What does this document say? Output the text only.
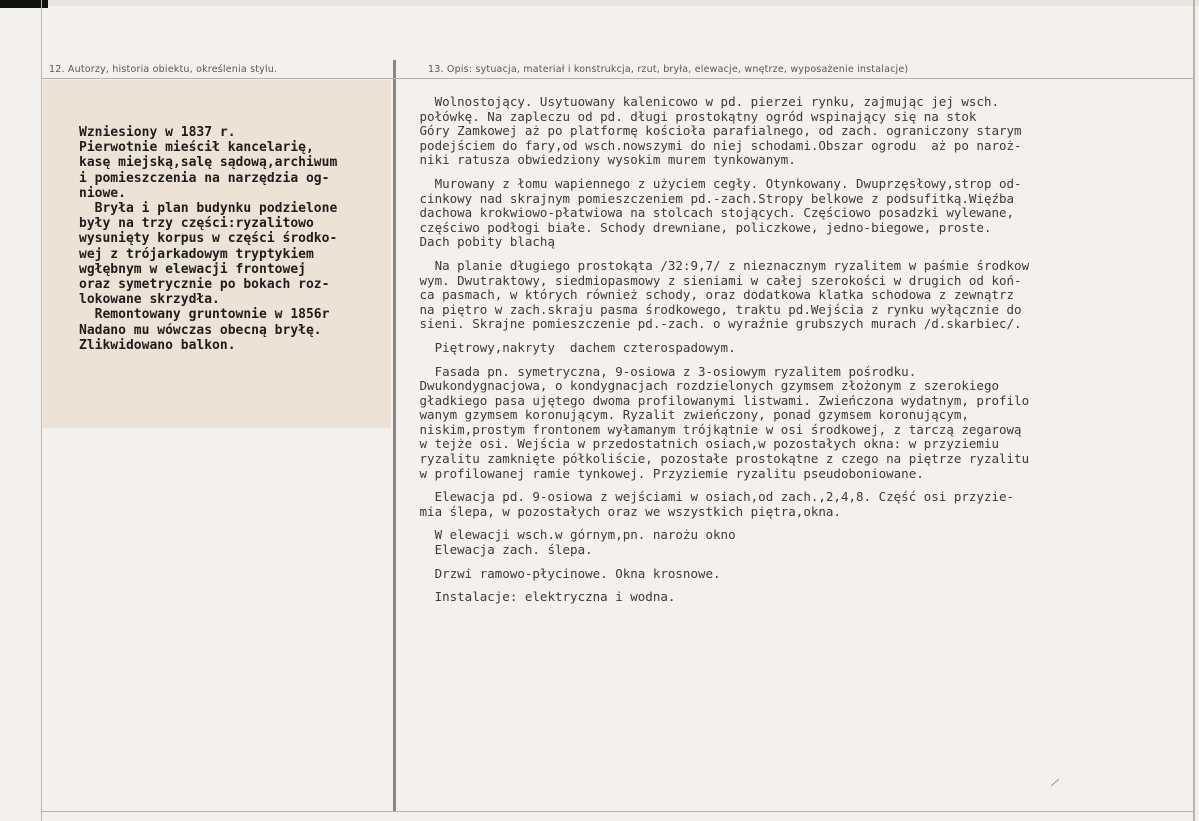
12. Autorzy, historia obiektu, określenia stylu.	13. Opis: sytuacja, materiał i konstrukcja, rzut, bryła, elewacje, wnętrze, wyposażenie instalacje)
Wzniesiony w 1837 r.
Pierwotnie mieścił kancelarię,
kasę miejską,salę sądową,archiwum
i pomieszczenia na narzędzia og-
niowe.
Bryła i plan budynku podzielone
były na trzy części:ryzalitowo
wysunięty korpus w części środko-
wej z trójarkadowym tryptykiem
wgłębnym w elewacji frontowej
oraz symetrycznie po bokach roz-
lokowane skrzydła.
Remontowany gruntownie w 1856r
Nadano mu wówczas obecną bryłę.
Zlikwidowano balkon.
Wolnostojący. Usytuowany kalenicowo w pd. pierzei rynku, zajmując jej wsch.
połówkę. Na zapleczu od pd. długi prostokątny ogród wspinający się na stok
Góry Zamkowej aż po platformę kościoła parafialnego, od zach. ograniczony starym
podejściem do fary,od wsch.nowszymi do niej schodami.Obszar ogrodu  aż po naroż-
niki ratusza obwiedziony wysokim murem tynkowanym.
Murowany z łomu wapiennego z użyciem cegły. Otynkowany. Dwuprzęsłowy,strop od-
cinkowy nad skrajnym pomieszczeniem pd.-zach.Stropy belkowe z podsufitką.Więźba
dachowa krokwiowo-płatwiowa na stolcach stojących. Częściowo posadzki wylewane,
częściwo podłogi białe. Schody drewniane, policzkowe, jedno-biegowe, proste.
Dach pobity blachą
Na planie długiego prostokąta /32:9,7/ z nieznacznym ryzalitem w paśmie środkow
wym. Dwutraktowy, siedmiopasmowy z sieniami w całej szerokości w drugich od koń-
ca pasmach, w których również schody, oraz dodatkowa klatka schodowa z zewnątrz
na piętro w zach.skraju pasma środkowego, traktu pd.Wejścia z rynku wyłącznie do
sieni. Skrajne pomieszczenie pd.-zach. o wyraźnie grubszych murach /d.skarbiec/.
Piętrowy,nakryty  dachem czterospadowym.
Fasada pn. symetryczna, 9-osiowa z 3-osiowym ryzalitem pośrodku.
Dwukondygnacjowa, o kondygnacjach rozdzielonych gzymsem złożonym z szerokiego
gładkiego pasa ujętego dwoma profilowanymi listwami. Zwieńczona wydatnym, profilo
wanym gzymsem koronującym. Ryzalit zwieńczony, ponad gzymsem koronującym,
niskim,prostym frontonem wyłamanym trójkątnie w osi środkowej, z tarczą zegarową
w tejże osi. Wejścia w przedostatnich osiach,w pozostałych okna: w przyziemiu
ryzalitu zamknięte półkoliście, pozostałe prostokątne z czego na piętrze ryzalitu
w profilowanej ramie tynkowej. Przyziemie ryzalitu pseudoboniowane.
Elewacja pd. 9-osiowa z wejściami w osiach,od zach.,2,4,8. Część osi przyzie-
mia ślepa, w pozostałych oraz we wszystkich piętra,okna.
W elewacji wsch.w górnym,pn. narożu okno
Elewacja zach. ślepa.
Drzwi ramowo-płycinowe. Okna krosnowe.
Instalacje: elektryczna i wodna.
